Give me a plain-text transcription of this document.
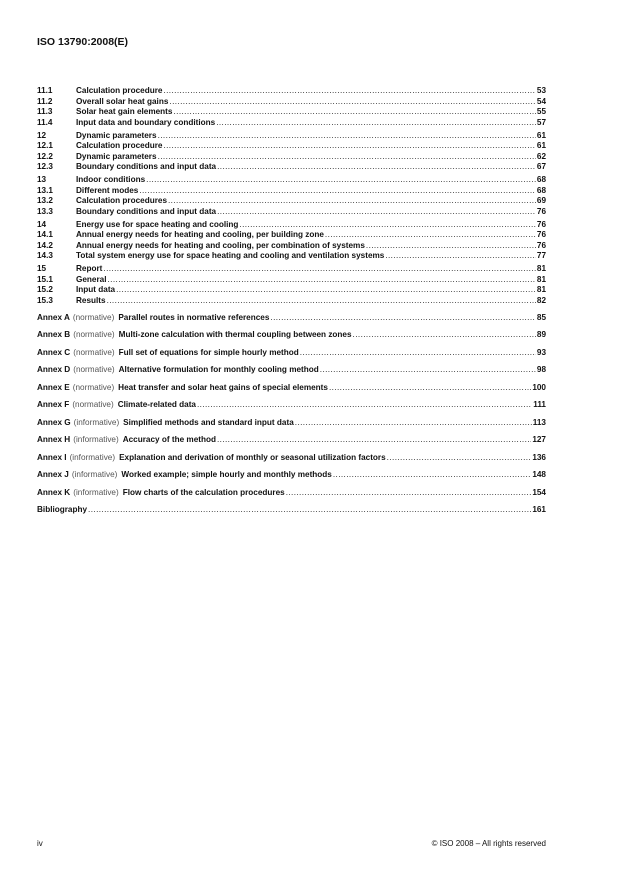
ISO 13790:2008(E)
11.1	Calculation procedure .....	53
11.2	Overall solar heat gains .....	54
11.3	Solar heat gain elements .....	55
11.4	Input data and boundary conditions .....	57
12	Dynamic parameters .....	61
12.1	Calculation procedure .....	61
12.2	Dynamic parameters .....	62
12.3	Boundary conditions and input data .....	67
13	Indoor conditions .....	68
13.1	Different modes .....	68
13.2	Calculation procedures .....	69
13.3	Boundary conditions and input data .....	76
14	Energy use for space heating and cooling .....	76
14.1	Annual energy needs for heating and cooling, per building zone .....	76
14.2	Annual energy needs for heating and cooling, per combination of systems .....	76
14.3	Total system energy use for space heating and cooling and ventilation systems .....	77
15	Report .....	81
15.1	General .....	81
15.2	Input data .....	81
15.3	Results .....	82
Annex A (normative) Parallel routes in normative references .....	85
Annex B (normative) Multi-zone calculation with thermal coupling between zones .....	89
Annex C (normative) Full set of equations for simple hourly method .....	93
Annex D (normative) Alternative formulation for monthly cooling method .....	98
Annex E (normative) Heat transfer and solar heat gains of special elements .....	100
Annex F (normative) Climate-related data .....	111
Annex G (informative) Simplified methods and standard input data .....	113
Annex H (informative) Accuracy of the method .....	127
Annex I (informative) Explanation and derivation of monthly or seasonal utilization factors .....	136
Annex J (informative) Worked example; simple hourly and monthly methods .....	148
Annex K (informative) Flow charts of the calculation procedures .....	154
Bibliography .....	161
iv	© ISO 2008 – All rights reserved
